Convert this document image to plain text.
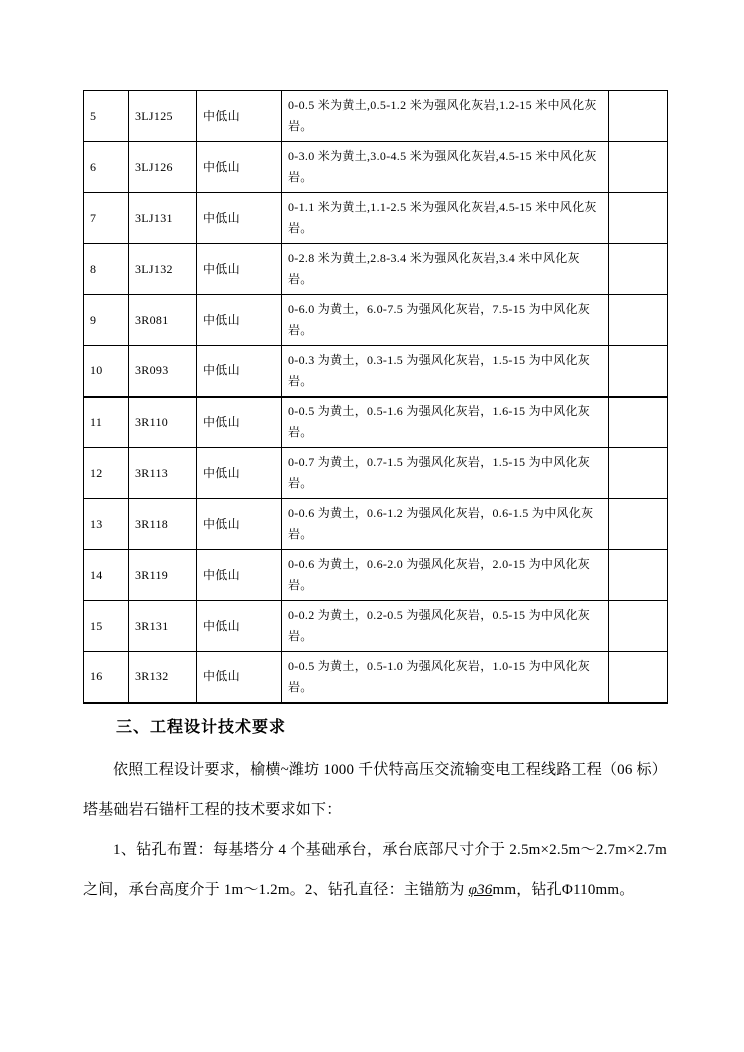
5	3LJ125	中低山	0-0.5 米为黄土,0.5-1.2 米为强风化灰岩,1.2-15 米中风化灰岩。	
6	3LJ126	中低山	0-3.0 米为黄土,3.0-4.5 米为强风化灰岩,4.5-15 米中风化灰岩。	
7	3LJ131	中低山	0-1.1 米为黄土,1.1-2.5 米为强风化灰岩,4.5-15 米中风化灰岩。	
8	3LJ132	中低山	0-2.8 米为黄土,2.8-3.4 米为强风化灰岩,3.4 米中风化灰岩。	
9	3R081	中低山	0-6.0 为黄土，6.0-7.5 为强风化灰岩，7.5-15 为中风化灰岩。	
10	3R093	中低山	0-0.3 为黄土，0.3-1.5 为强风化灰岩，1.5-15 为中风化灰岩。	
11	3R110	中低山	0-0.5 为黄土，0.5-1.6 为强风化灰岩，1.6-15 为中风化灰岩。	
12	3R113	中低山	0-0.7 为黄土，0.7-1.5 为强风化灰岩，1.5-15 为中风化灰岩。	
13	3R118	中低山	0-0.6 为黄土，0.6-1.2 为强风化灰岩，0.6-1.5 为中风化灰岩。	
14	3R119	中低山	0-0.6 为黄土，0.6-2.0 为强风化灰岩，2.0-15 为中风化灰岩。	
15	3R131	中低山	0-0.2 为黄土，0.2-0.5 为强风化灰岩，0.5-15 为中风化灰岩。	
16	3R132	中低山	0-0.5 为黄土，0.5-1.0 为强风化灰岩，1.0-15 为中风化灰岩。	
三、工程设计技术要求

依照工程设计要求，榆横~潍坊 1000 千伏特高压交流输变电工程线路工程（06 标）塔基础岩石锚杆工程的技术要求如下：

1、钻孔布置：每基塔分 4 个基础承台，承台底部尺寸介于 2.5m×2.5m～2.7m×2.7m 之间，承台高度介于 1m～1.2m。2、钻孔直径：主锚筋为 φ36mm，钻孔Φ110mm。
